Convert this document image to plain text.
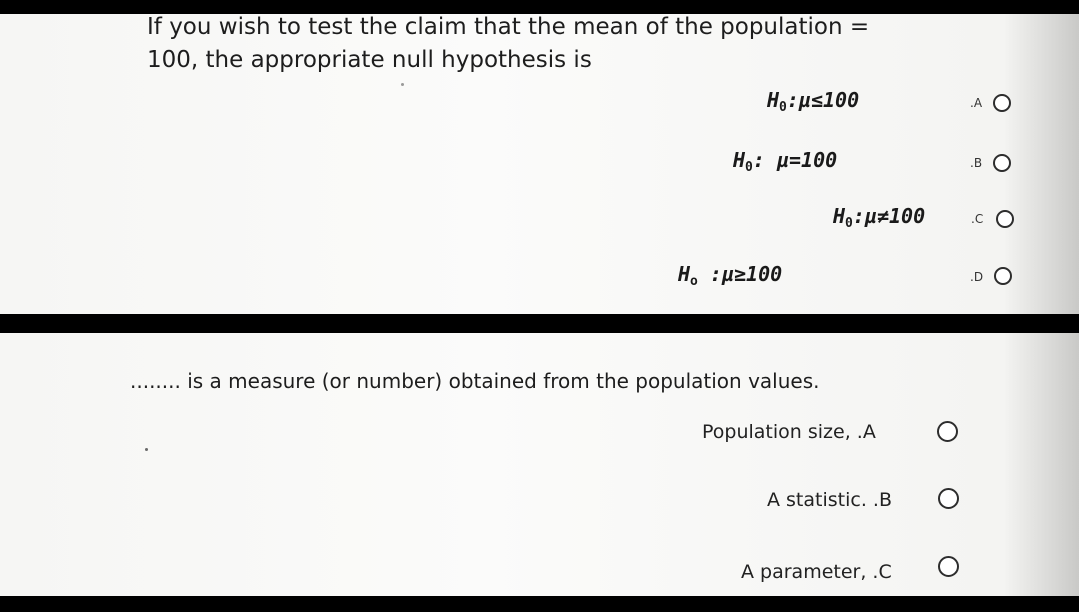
If you wish to test the claim that the mean of the population =
100, the appropriate null hypothesis is
$H_0:\mu\le 100$	.A
$H_0$: µ=100	.B
$H_0:\mu\ne 100$	.C
$H_o$ :µ≥100	.D
........ is a measure (or number) obtained from the population values.
Population size, .A
A statistic. .B
A parameter, .C
